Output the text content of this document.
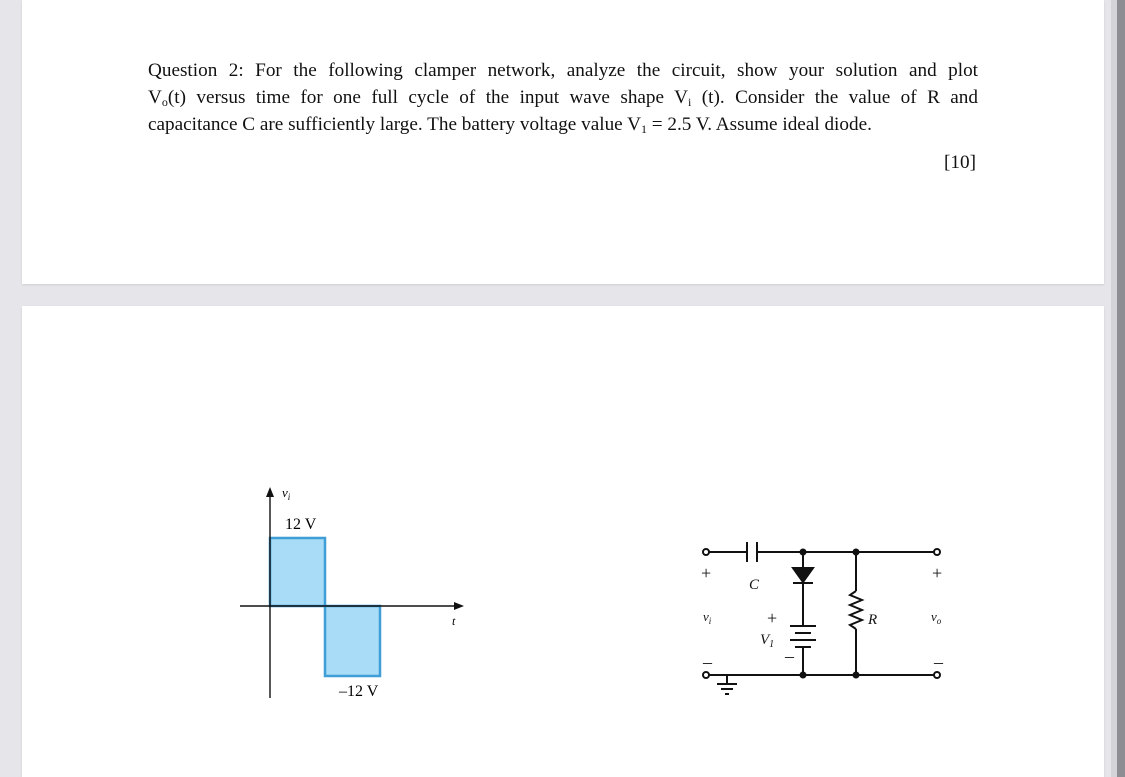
Question 2: For the following clamper network, analyze the circuit, show your solution and plot
Vo(t) versus time for one full cycle of the input wave shape Vi (t). Consider the value of R and
capacitance C are sufficiently large. The battery voltage value V1 = 2.5 V. Assume ideal diode.
[10]
$v_i$
t
12 V
–12 V
+
–
$v_i$
C
+
–
$V_1$
R
+
–
$v_o$
